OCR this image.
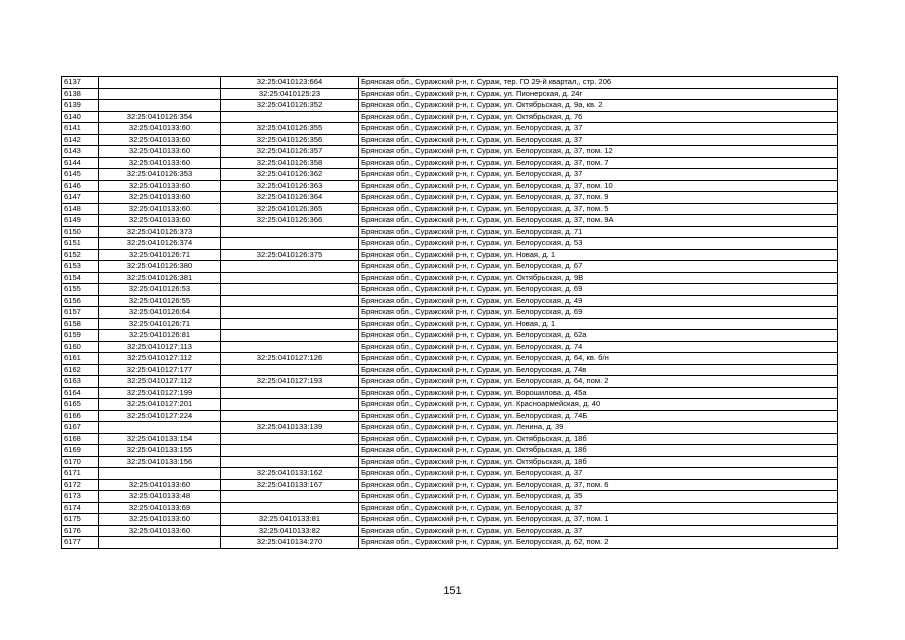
6137		32:25:0410123:664	Брянская обл., Суражский р-н, г. Сураж, тер. ГО 29-й квартал,, стр. 206
6138		32:25:0410125:23	Брянская обл., Суражский р-н, г. Сураж, ул. Пионерская, д. 24г
6139		32:25:0410126:352	Брянская обл., Суражский р-н, г. Сураж, ул. Октябрьская, д. 9а, кв. 2
6140	32:25:0410126:354		Брянская обл., Суражский р-н, г. Сураж, ул. Октябрьская, д. 76
6141	32:25:0410133:60	32:25:0410126:355	Брянская обл., Суражский р-н, г. Сураж, ул. Белорусская, д. 37
6142	32:25:0410133:60	32:25:0410126:356	Брянская обл., Суражский р-н, г. Сураж, ул. Белорусская, д. 37
6143	32:25:0410133:60	32:25:0410126:357	Брянская обл., Суражский р-н, г. Сураж, ул. Белорусская, д. 37, пом. 12
6144	32:25:0410133:60	32:25:0410126:358	Брянская обл., Суражский р-н, г. Сураж, ул. Белорусская, д. 37, пом. 7
6145	32:25:0410126:353	32:25:0410126:362	Брянская обл., Суражский р-н, г. Сураж, ул. Белорусская, д. 37
6146	32:25:0410133:60	32:25:0410126:363	Брянская обл., Суражский р-н, г. Сураж, ул. Белорусская, д. 37, пом. 10
6147	32:25:0410133:60	32:25:0410126:364	Брянская обл., Суражский р-н, г. Сураж, ул. Белорусская, д. 37, пом. 9
6148	32:25:0410133:60	32:25:0410126:365	Брянская обл., Суражский р-н, г. Сураж, ул. Белорусская, д. 37, пом. 5
6149	32:25:0410133:60	32:25:0410126:366	Брянская обл., Суражский р-н, г. Сураж, ул. Белорусская, д. 37, пом. 9А
6150	32:25:0410126:373		Брянская обл., Суражский р-н, г. Сураж, ул. Белорусская, д. 71
6151	32:25:0410126:374		Брянская обл., Суражский р-н, г. Сураж, ул. Белорусская, д. 53
6152	32:25:0410126:71	32:25:0410126:375	Брянская обл., Суражский р-н, г. Сураж, ул. Новая, д. 1
6153	32:25:0410126:380		Брянская обл., Суражский р-н, г. Сураж, ул. Белорусская, д. 67
6154	32:25:0410126:381		Брянская обл., Суражский р-н, г. Сураж, ул. Октябрьская, д. 9В
6155	32:25:0410126:53		Брянская обл., Суражский р-н, г. Сураж, ул. Белорусская, д. 69
6156	32:25:0410126:55		Брянская обл., Суражский р-н, г. Сураж, ул. Белорусская, д. 49
6157	32:25:0410126:64		Брянская обл., Суражский р-н, г. Сураж, ул. Белорусская, д. 69
6158	32:25:0410126:71		Брянская обл., Суражский р-н, г. Сураж, ул. Новая, д. 1
6159	32:25:0410126:81		Брянская обл., Суражский р-н, г. Сураж, ул. Белорусская, д. 62а
6160	32:25:0410127:113		Брянская обл., Суражский р-н, г. Сураж, ул. Белорусская, д. 74
6161	32:25:0410127:112	32:25:0410127:126	Брянская обл., Суражский р-н, г. Сураж, ул. Белорусская, д. 64, кв. б/н
6162	32:25:0410127:177		Брянская обл., Суражский р-н, г. Сураж, ул. Белорусская, д. 74в
6163	32:25:0410127:112	32:25:0410127:193	Брянская обл., Суражский р-н, г. Сураж, ул. Белорусская, д. 64, пом. 2
6164	32:25:0410127:199		Брянская обл., Суражский р-н, г. Сураж, ул. Ворошилова, д. 45а
6165	32:25:0410127:201		Брянская обл., Суражский р-н, г. Сураж, ул. Красноармейская, д. 40
6166	32:25:0410127:224		Брянская обл., Суражский р-н, г. Сураж, ул. Белорусская, д. 74Б
6167		32:25:0410133:139	Брянская обл., Суражский р-н, г. Сураж, ул. Ленина, д. 39
6168	32:25:0410133:154		Брянская обл., Суражский р-н, г. Сураж, ул. Октябрьская, д. 18б
6169	32:25:0410133:155		Брянская обл., Суражский р-н, г. Сураж, ул. Октябрьская, д. 18б
6170	32:25:0410133:156		Брянская обл., Суражский р-н, г. Сураж, ул. Октябрьская, д. 18б
6171		32:25:0410133:162	Брянская обл., Суражский р-н, г. Сураж, ул. Белорусская, д. 37
6172	32:25:0410133:60	32:25:0410133:167	Брянская обл., Суражский р-н, г. Сураж, ул. Белорусская, д. 37, пом. 6
6173	32:25:0410133:48		Брянская обл., Суражский р-н, г. Сураж, ул. Белорусская, д. 35
6174	32:25:0410133:69		Брянская обл., Суражский р-н, г. Сураж, ул. Белорусская, д. 37
6175	32:25:0410133:60	32:25:0410133:81	Брянская обл., Суражский р-н, г. Сураж, ул. Белорусская, д. 37, пом. 1
6176	32:25:0410133:60	32:25:0410133:82	Брянская обл., Суражский р-н, г. Сураж, ул. Белорусская, д. 37
6177		32:25:0410134:270	Брянская обл., Суражский р-н, г. Сураж, ул. Белорусская, д. 62, пом. 2
151
